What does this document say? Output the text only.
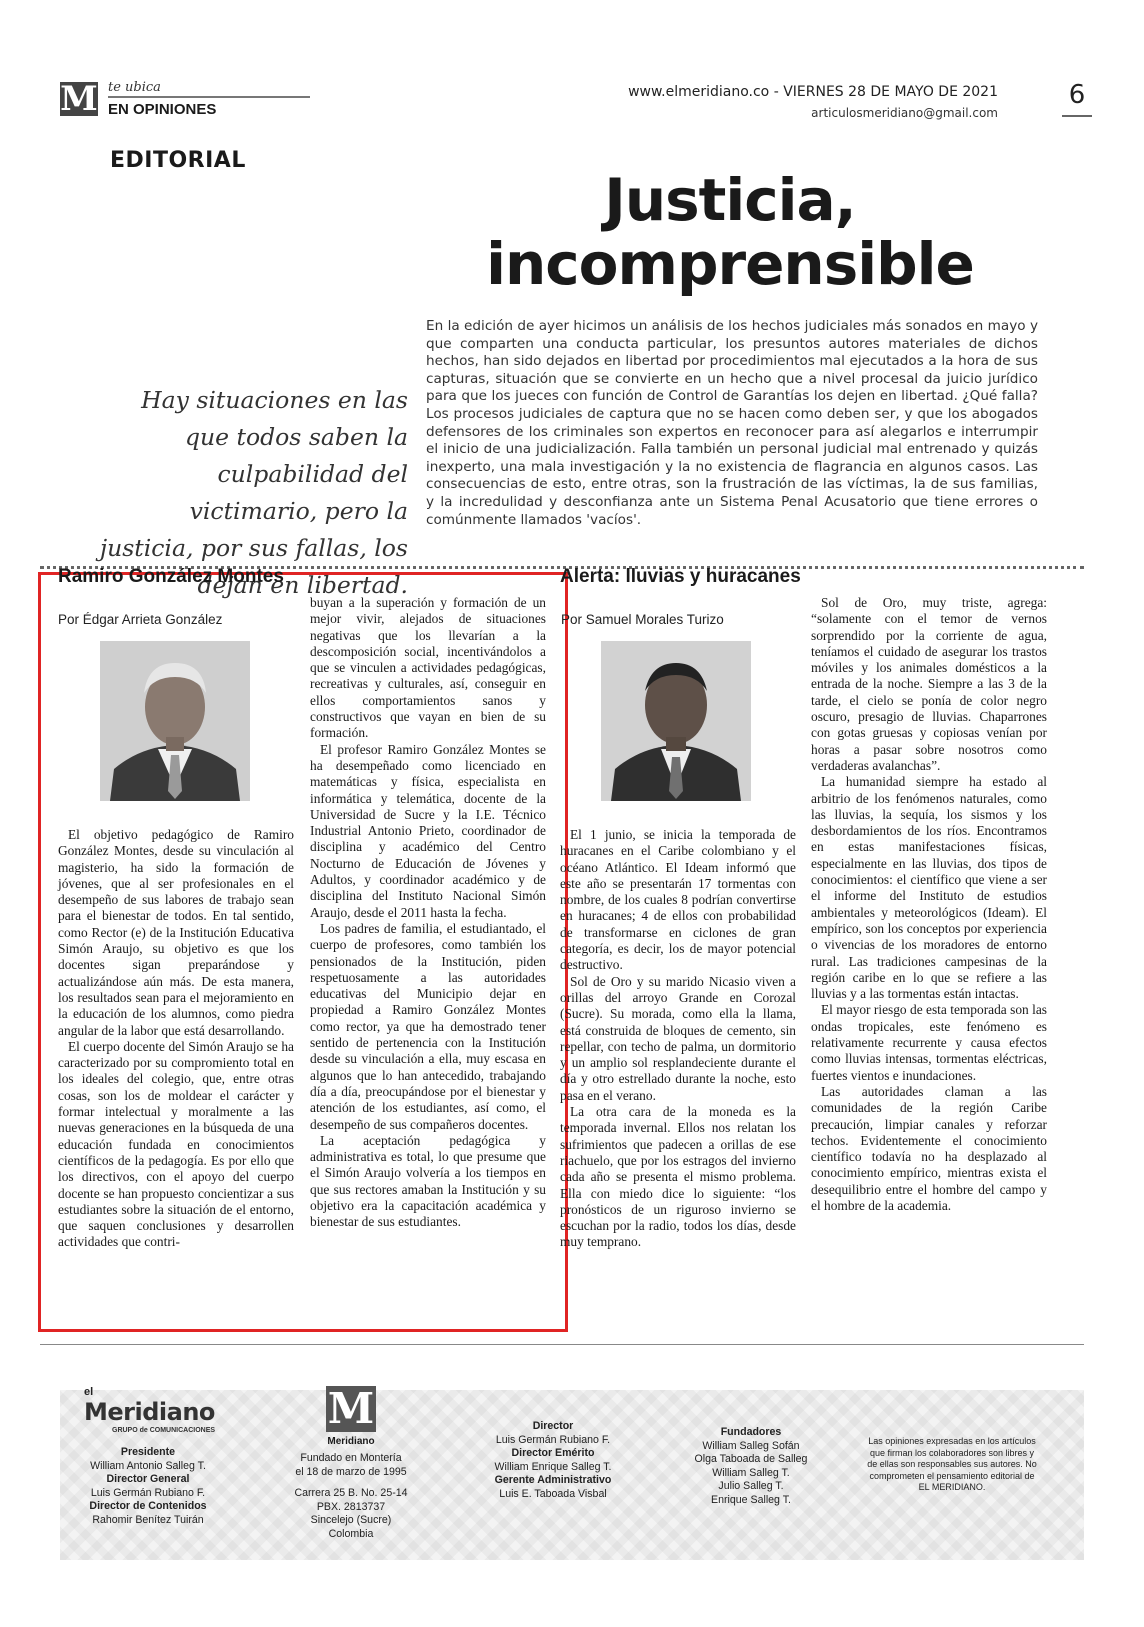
M te ubica
EN OPINIONES
www.elmeridiano.co - VIERNES 28 DE MAYO DE 2021
articulosmeridiano@gmail.com
6
EDITORIAL
Justicia,
incomprensible
Hay situaciones en las que todos saben la culpabilidad del victimario, pero la justicia, por sus fallas, los dejan en libertad.
En la edición de ayer hicimos un análisis de los hechos judiciales más sonados en mayo y que comparten una conducta particular, los presuntos autores materiales de dichos hechos, han sido dejados en libertad por procedimientos mal ejecutados a la hora de sus capturas, situación que se convierte en un hecho que a nivel procesal da juicio jurídico para que los jueces con función de Control de Garantías los dejen en libertad. ¿Qué falla? Los procesos judiciales de captura que no se hacen como deben ser, y que los abogados defensores de los criminales son expertos en reconocer para así alegarlos e interrumpir el inicio de una judicialización. Falla también un personal judicial mal entrenado y quizás inexperto, una mala investigación y la no existencia de flagrancia en algunos casos. Las consecuencias de esto, entre otras, son la frustración de las víctimas, la de sus familias, y la incredulidad y desconfianza ante un Sistema Penal Acusatorio que tiene errores o comúnmente llamados 'vacíos'.
Ramiro González Montes
Por Édgar Arrieta González

El objetivo pedagógico de Ramiro González Montes, desde su vinculación al magisterio, ha sido la formación de jóvenes, que al ser profesionales en el desempeño de sus labores de trabajo sean para el bienestar de todos. En tal sentido, como Rector (e) de la Institución Educativa Simón Araujo, su objetivo es que los docentes sigan preparándose y actualizándose aún más. De esta manera, los resultados sean para el mejoramiento en la educación de los alumnos, como piedra angular de la labor que está desarrollando.

El cuerpo docente del Simón Araujo se ha caracterizado por su compromiento total en los ideales del colegio, que, entre otras cosas, son los de moldear el carácter y formar intelectual y moralmente a las nuevas generaciones en la búsqueda de una educación fundada en conocimientos científicos de la pedagogía. Es por ello que los directivos, con el apoyo del cuerpo docente se han propuesto concientizar a sus estudiantes sobre la situación de el entorno, que saquen conclusiones y desarrollen actividades que contri-

buyan a la superación y formación de un mejor vivir, alejados de situaciones negativas que los llevarían a la descomposición social, incentivándolos a que se vinculen a actividades pedagógicas, recreativas y culturales, así, conseguir en ellos comportamientos sanos y constructivos que vayan en bien de su formación.

El profesor Ramiro González Montes se ha desempeñado como licenciado en matemáticas y física, especialista en informática y telemática, docente de la Universidad de Sucre y la I.E. Técnico Industrial Antonio Prieto, coordinador de disciplina y académico del Centro Nocturno de Educación de Jóvenes y Adultos, y coordinador académico y de disciplina del Instituto Nacional Simón Araujo, desde el 2011 hasta la fecha.

Los padres de familia, el estudiantado, el cuerpo de profesores, como también los pensionados de la Institución, piden respetuosamente a las autoridades educativas del Municipio dejar en propiedad a Ramiro González Montes como rector, ya que ha demostrado tener sentido de pertenencia con la Institución desde su vinculación a ella, muy escasa en algunos que lo han antecedido, trabajando día a día, preocupándose por el bienestar y atención de los estudiantes, así como, el desempeño de sus compañeros docentes.

La aceptación pedagógica y administrativa es total, lo que presume que el Simón Araujo volvería a los tiempos en que sus rectores amaban la Institución y su objetivo era la capacitación académica y bienestar de sus estudiantes.

Alerta: lluvias y huracanes
Por Samuel Morales Turizo

El 1 junio, se inicia la temporada de huracanes en el Caribe colombiano y el océano Atlántico. El Ideam informó que este año se presentarán 17 tormentas con nombre, de los cuales 8 podrían convertirse en huracanes; 4 de ellos con probabilidad de transformarse en ciclones de gran categoría, es decir, los de mayor potencial destructivo.

Sol de Oro y su marido Nicasio viven a orillas del arroyo Grande en Corozal (Sucre). Su morada, como ella la llama, está construida de bloques de cemento, sin repellar, con techo de palma, un dormitorio y un amplio sol resplandeciente durante el día y otro estrellado durante la noche, esto pasa en el verano.

La otra cara de la moneda es la temporada invernal. Ellos nos relatan los sufrimientos que padecen a orillas de ese riachuelo, que por los estragos del invierno cada año se presenta el mismo problema. Ella con miedo dice lo siguiente: “los pronósticos de un riguroso invierno se escuchan por la radio, todos los días, desde muy temprano.

Sol de Oro, muy triste, agrega: “solamente con el temor de vernos sorprendido por la corriente de agua, teníamos el cuidado de asegurar los trastos móviles y los animales domésticos a la entrada de la noche. Siempre a las 3 de la tarde, el cielo se ponía de color negro oscuro, presagio de lluvias. Chaparrones con gotas gruesas y copiosas venían por horas a pasar sobre nosotros como verdaderas avalanchas”.

La humanidad siempre ha estado al arbitrio de los fenómenos naturales, como las lluvias, la sequía, los sismos y los desbordamientos de los ríos. Encontramos en estas manifestaciones físicas, especialmente en las lluvias, dos tipos de conocimientos: el científico que viene a ser el informe del Instituto de estudios ambientales y meteorológicos (Ideam). El empírico, son los conceptos por experiencia o vivencias de los moradores de entorno rural. Las tradiciones campesinas de la región caribe en lo que se refiere a las lluvias y a las tormentas están intactas.

El mayor riesgo de esta temporada son las ondas tropicales, este fenómeno es relativamente recurrente y causa efectos como lluvias intensas, tormentas eléctricas, fuertes vientos e inundaciones.

Las autoridades claman a las comunidades de la región Caribe precaución, limpiar canales y reforzar techos. Evidentemente el conocimiento científico todavía no ha desplazado al conocimiento empírico, mientras exista el desequilibrio entre el hombre del campo y el hombre de la academia.

el
Meridiano
GRUPO de COMUNICACIONES
Presidente
William Antonio Salleg T.
Director General
Luis Germán Rubiano F.
Director de Contenidos
Rahomir Benítez Tuirán
M
Meridiano
Fundado en Montería
el 18 de marzo de 1995
Carrera 25 B. No. 25-14
PBX. 2813737
Sincelejo (Sucre) Colombia
Director
Luis Germán Rubiano F.
Director Emérito
William Enrique Salleg T.
Gerente Administrativo
Luis E. Taboada Visbal
Fundadores
William Salleg Sofán
Olga Taboada de Salleg
William Salleg T.
Julio Salleg T.
Enrique Salleg T.
Las opiniones expresadas en los artículos que firman los colaboradores son libres y de ellas son responsables sus autores. No comprometen el pensamiento editorial de EL MERIDIANO.
